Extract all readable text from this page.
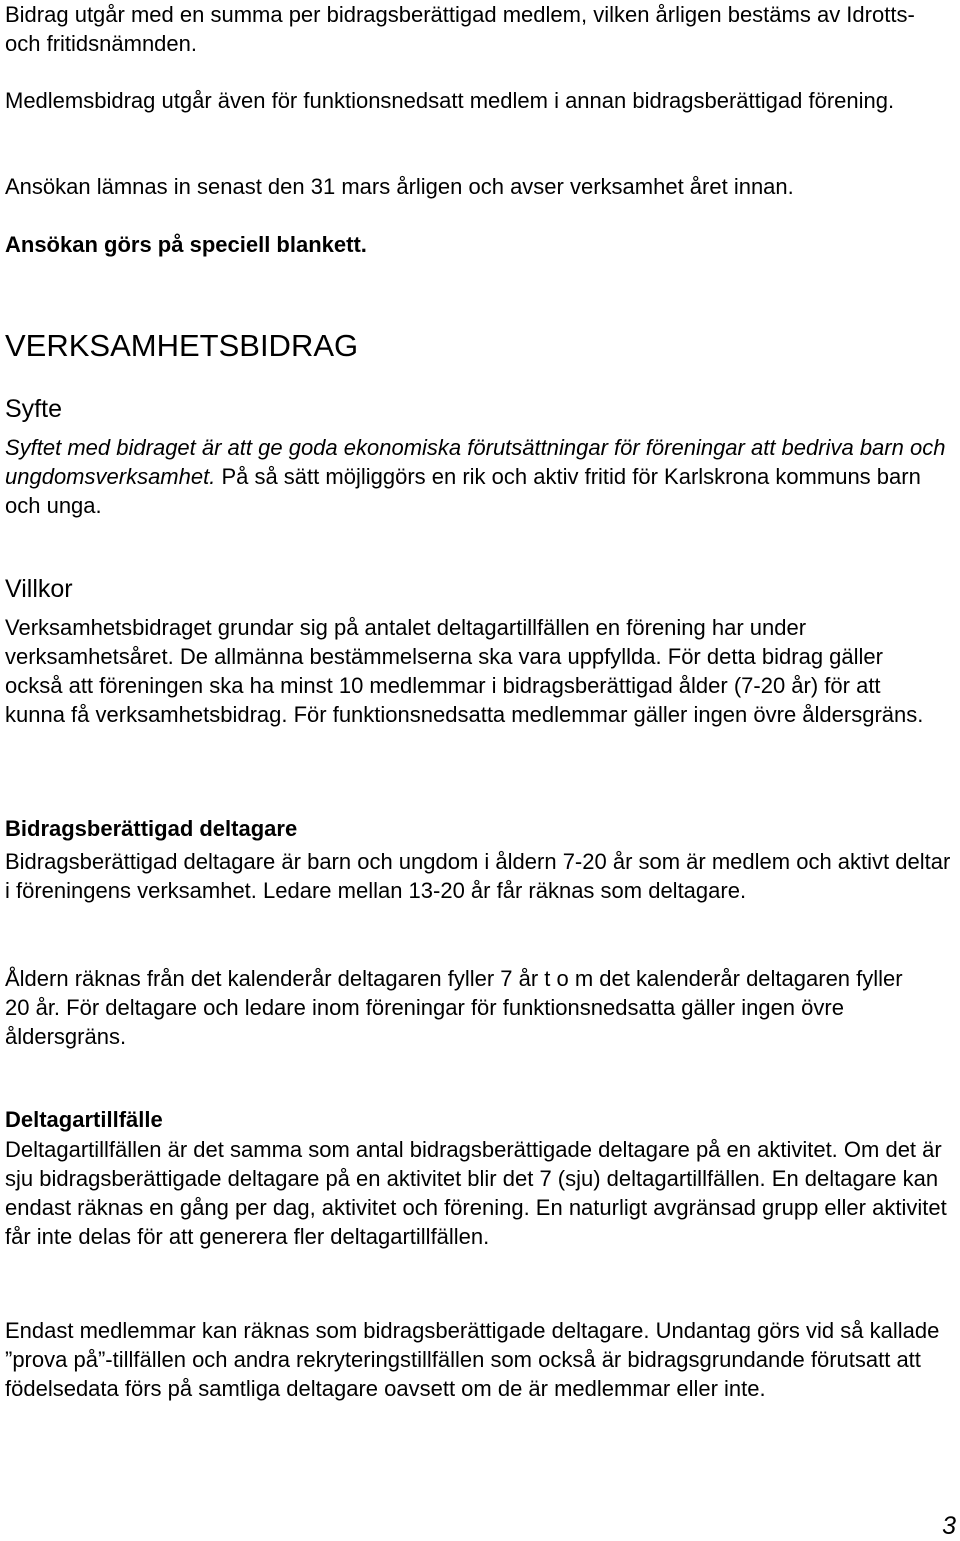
Bidrag utgår med en summa per bidragsberättigad medlem, vilken årligen bestäms av Idrotts- och fritidsnämnden.

Medlemsbidrag utgår även för funktionsnedsatt medlem i annan bidragsberättigad förening.

Ansökan lämnas in senast den 31 mars årligen och avser verksamhet året innan.

Ansökan görs på speciell blankett.

VERKSAMHETSBIDRAG
Syfte

Syftet med bidraget är att ge goda ekonomiska förutsättningar för föreningar att bedriva barn och ungdomsverksamhet. På så sätt möjliggörs en rik och aktiv fritid för Karlskrona kommuns barn och unga.

Villkor

Verksamhetsbidraget grundar sig på antalet deltagartillfällen en förening har under verksamhetsåret. De allmänna bestämmelserna ska vara uppfyllda. För detta bidrag gäller också att föreningen ska ha minst 10 medlemmar i bidragsberättigad ålder (7-20 år) för att kunna få verksamhetsbidrag. För funktionsnedsatta medlemmar gäller ingen övre åldersgräns.

Bidragsberättigad deltagare

Bidragsberättigad deltagare är barn och ungdom i åldern 7-20 år som är medlem och aktivt deltar i föreningens verksamhet. Ledare mellan 13-20 år får räknas som deltagare.

Åldern räknas från det kalenderår deltagaren fyller 7 år t o m det kalenderår deltagaren fyller 20 år. För deltagare och ledare inom föreningar för funktionsnedsatta gäller ingen övre åldersgräns.

Deltagartillfälle

Deltagartillfällen är det samma som antal bidragsberättigade deltagare på en aktivitet. Om det är sju bidragsberättigade deltagare på en aktivitet blir det 7 (sju) deltagartillfällen. En deltagare kan endast räknas en gång per dag, aktivitet och förening. En naturligt avgränsad grupp eller aktivitet får inte delas för att generera fler deltagartillfällen.

Endast medlemmar kan räknas som bidragsberättigade deltagare. Undantag görs vid så kallade ”prova på”-tillfällen och andra rekryteringstillfällen som också är bidragsgrundande förutsatt att födelsedata förs på samtliga deltagare oavsett om de är medlemmar eller inte.

3
